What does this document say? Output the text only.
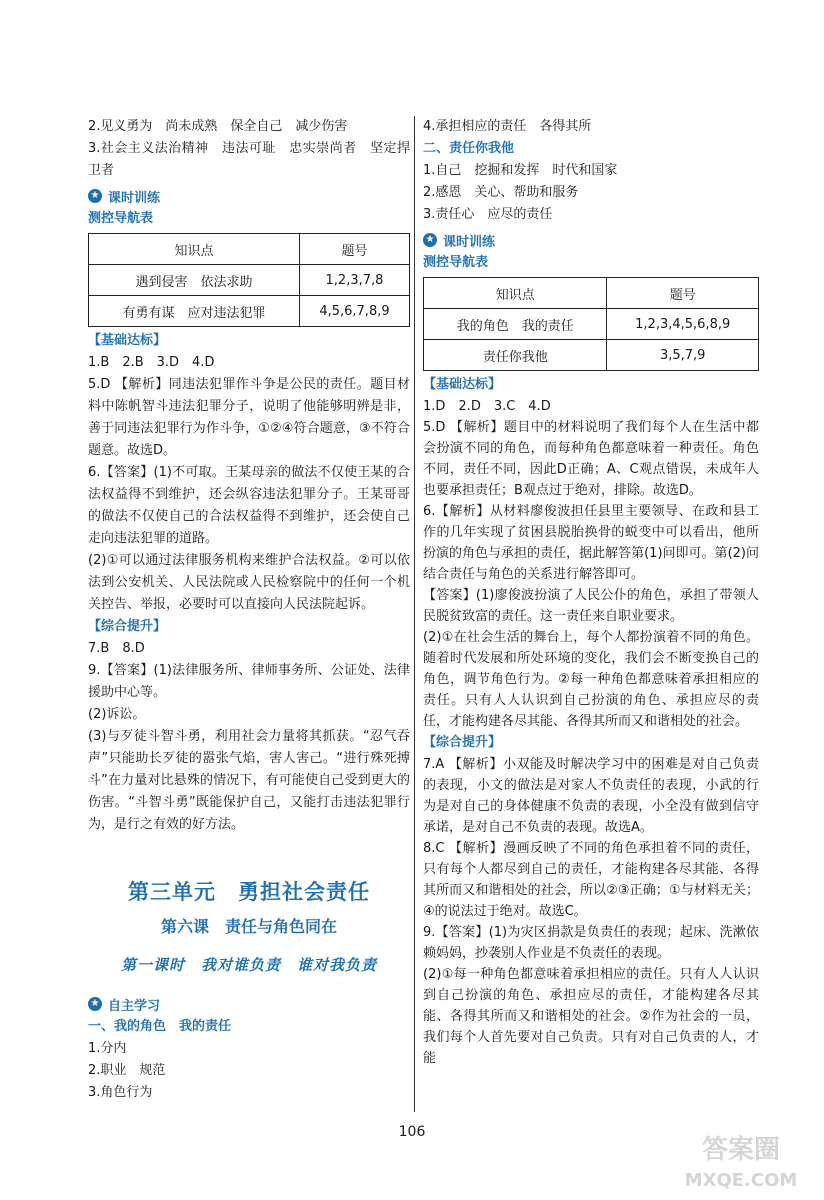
2.见义勇为　尚未成熟　保全自己　减少伤害

3.社会主义法治精神　违法可耻　忠实崇尚者　坚定捍卫者

★ 课时训练
测控导航表
知识点	题号
遇到侵害　依法求助	1,2,3,7,8
有勇有谋　应对违法犯罪	4,5,6,7,8,9
【基础达标】

1.B　2.B　3.D　4.D

5.D 【解析】同违法犯罪作斗争是公民的责任。题目材料中陈帆智斗违法犯罪分子，说明了他能够明辨是非，善于同违法犯罪行为作斗争，①②④符合题意，③不符合题意。故选D。

6.【答案】(1)不可取。王某母亲的做法不仅使王某的合法权益得不到维护，还会纵容违法犯罪分子。王某哥哥的做法不仅使自己的合法权益得不到维护，还会使自己走向违法犯罪的道路。

(2)①可以通过法律服务机构来维护合法权益。②可以依法到公安机关、人民法院或人民检察院中的任何一个机关控告、举报，必要时可以直接向人民法院起诉。

【综合提升】

7.B　8.D

9.【答案】(1)法律服务所、律师事务所、公证处、法律援助中心等。

(2)诉讼。

(3)与歹徒斗智斗勇，利用社会力量将其抓获。“忍气吞声”只能助长歹徒的嚣张气焰，害人害己。“进行殊死搏斗”在力量对比悬殊的情况下，有可能使自己受到更大的伤害。“斗智斗勇”既能保护自己，又能打击违法犯罪行为，是行之有效的好方法。

第三单元　勇担社会责任
第六课　责任与角色同在
第一课时　我对谁负责　谁对我负责
★ 自主学习
一、我的角色　我的责任

1.分内

2.职业　规范

3.角色行为

4.承担相应的责任　各得其所

二、责任你我他

1.自己　挖掘和发挥　时代和国家

2.感恩　关心、帮助和服务

3.责任心　应尽的责任

★ 课时训练
测控导航表
知识点	题号
我的角色　我的责任	1,2,3,4,5,6,8,9
责任你我他	3,5,7,9
【基础达标】

1.D　2.D　3.C　4.D

5.D 【解析】题目中的材料说明了我们每个人在生活中都会扮演不同的角色，而每种角色都意味着一种责任。角色不同，责任不同，因此D正确；A、C观点错误，未成年人也要承担责任；B观点过于绝对，排除。故选D。

6.【解析】从材料廖俊波担任县里主要领导、在政和县工作的几年实现了贫困县脱胎换骨的蜕变中可以看出，他所扮演的角色与承担的责任，据此解答第(1)问即可。第(2)问结合责任与角色的关系进行解答即可。

【答案】(1)廖俊波扮演了人民公仆的角色，承担了带领人民脱贫致富的责任。这一责任来自职业要求。

(2)①在社会生活的舞台上，每个人都扮演着不同的角色。随着时代发展和所处环境的变化，我们会不断变换自己的角色，调节角色行为。②每一种角色都意味着承担相应的责任。只有人人认识到自己扮演的角色、承担应尽的责任，才能构建各尽其能、各得其所而又和谐相处的社会。

【综合提升】

7.A 【解析】小双能及时解决学习中的困难是对自己负责的表现，小文的做法是对家人不负责任的表现，小武的行为是对自己的身体健康不负责的表现，小全没有做到信守承诺，是对自己不负责的表现。故选A。

8.C 【解析】漫画反映了不同的角色承担着不同的责任，只有每个人都尽到自己的责任，才能构建各尽其能、各得其所而又和谐相处的社会，所以②③正确；①与材料无关；④的说法过于绝对。故选C。

9.【答案】(1)为灾区捐款是负责任的表现；起床、洗漱依赖妈妈，抄袭别人作业是不负责任的表现。

(2)①每一种角色都意味着承担相应的责任。只有人人认识到自己扮演的角色、承担应尽的责任，才能构建各尽其能、各得其所而又和谐相处的社会。②作为社会的一员，我们每个人首先要对自己负责。只有对自己负责的人，才能

106
答案圈
MXQE.COM
